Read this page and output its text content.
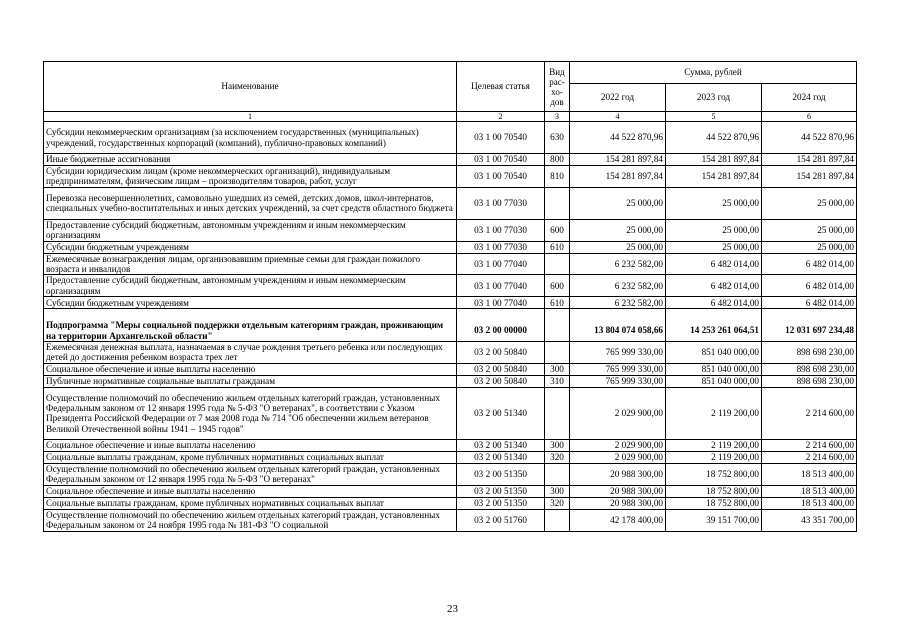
Наименование	Целевая статья	Вид рас-хо-дов	Сумма, рублей		
			2022 год	2023 год	2024 год
1	2	3	4	5	6
Субсидии некоммерческим организациям (за исключением государственных (муниципальных) учреждений, государственных корпораций (компаний), публично-правовых компаний)	03 1 00 70540	630	44 522 870,96	44 522 870,96	44 522 870,96
Иные бюджетные ассигнования	03 1 00 70540	800	154 281 897,84	154 281 897,84	154 281 897,84
Субсидии юридическим лицам (кроме некоммерческих организаций), индивидуальным предпринимателям, физическим лицам – производителям товаров, работ, услуг	03 1 00 70540	810	154 281 897,84	154 281 897,84	154 281 897,84
Перевозка несовершеннолетних, самовольно ушедших из семей, детских домов, школ-интернатов, специальных учебно-воспитательных и иных детских учреждений, за счет средств областного бюджета	03 1 00 77030		25 000,00	25 000,00	25 000,00
Предоставление субсидий бюджетным, автономным учреждениям и иным некоммерческим организациям	03 1 00 77030	600	25 000,00	25 000,00	25 000,00
Субсидии бюджетным учреждениям	03 1 00 77030	610	25 000,00	25 000,00	25 000,00
Ежемесячные вознаграждения лицам, организовавшим приемные семьи для граждан пожилого возраста и инвалидов	03 1 00 77040		6 232 582,00	6 482 014,00	6 482 014,00
Предоставление субсидий бюджетным, автономным учреждениям и иным некоммерческим организациям	03 1 00 77040	600	6 232 582,00	6 482 014,00	6 482 014,00
Субсидии бюджетным учреждениям	03 1 00 77040	610	6 232 582,00	6 482 014,00	6 482 014,00
Подпрограмма "Меры социальной поддержки отдельным категориям граждан, проживающим на территории Архангельской области"	03 2 00 00000		13 804 074 058,66	14 253 261 064,51	12 031 697 234,48
Ежемесячная денежная выплата, назначаемая в случае рождения третьего ребенка или последующих детей до достижения ребенком возраста трех лет	03 2 00 50840		765 999 330,00	851 040 000,00	898 698 230,00
Социальное обеспечение и иные выплаты населению	03 2 00 50840	300	765 999 330,00	851 040 000,00	898 698 230,00
Публичные нормативные социальные выплаты гражданам	03 2 00 50840	310	765 999 330,00	851 040 000,00	898 698 230,00
Осуществление полномочий по обеспечению жильем отдельных категорий граждан, установленных Федеральным законом от 12 января 1995 года № 5-ФЗ "О ветеранах", в соответствии с Указом Президента Российской Федерации от 7 мая 2008 года № 714 "Об обеспечении жильем ветеранов Великой Отечественной войны 1941 – 1945 годов"	03 2 00 51340		2 029 900,00	2 119 200,00	2 214 600,00
Социальное обеспечение и иные выплаты населению	03 2 00 51340	300	2 029 900,00	2 119 200,00	2 214 600,00
Социальные выплаты гражданам, кроме публичных нормативных социальных выплат	03 2 00 51340	320	2 029 900,00	2 119 200,00	2 214 600,00
Осуществление полномочий по обеспечению жильем отдельных категорий граждан, установленных Федеральным законом от 12 января 1995 года № 5-ФЗ "О ветеранах"	03 2 00 51350		20 988 300,00	18 752 800,00	18 513 400,00
Социальное обеспечение и иные выплаты населению	03 2 00 51350	300	20 988 300,00	18 752 800,00	18 513 400,00
Социальные выплаты гражданам, кроме публичных нормативных социальных выплат	03 2 00 51350	320	20 988 300,00	18 752 800,00	18 513 400,00
Осуществление полномочий по обеспечению жильем отдельных категорий граждан, установленных Федеральным законом от 24 ноября 1995 года № 181-ФЗ "О социальной	03 2 00 51760		42 178 400,00	39 151 700,00	43 351 700,00
23
